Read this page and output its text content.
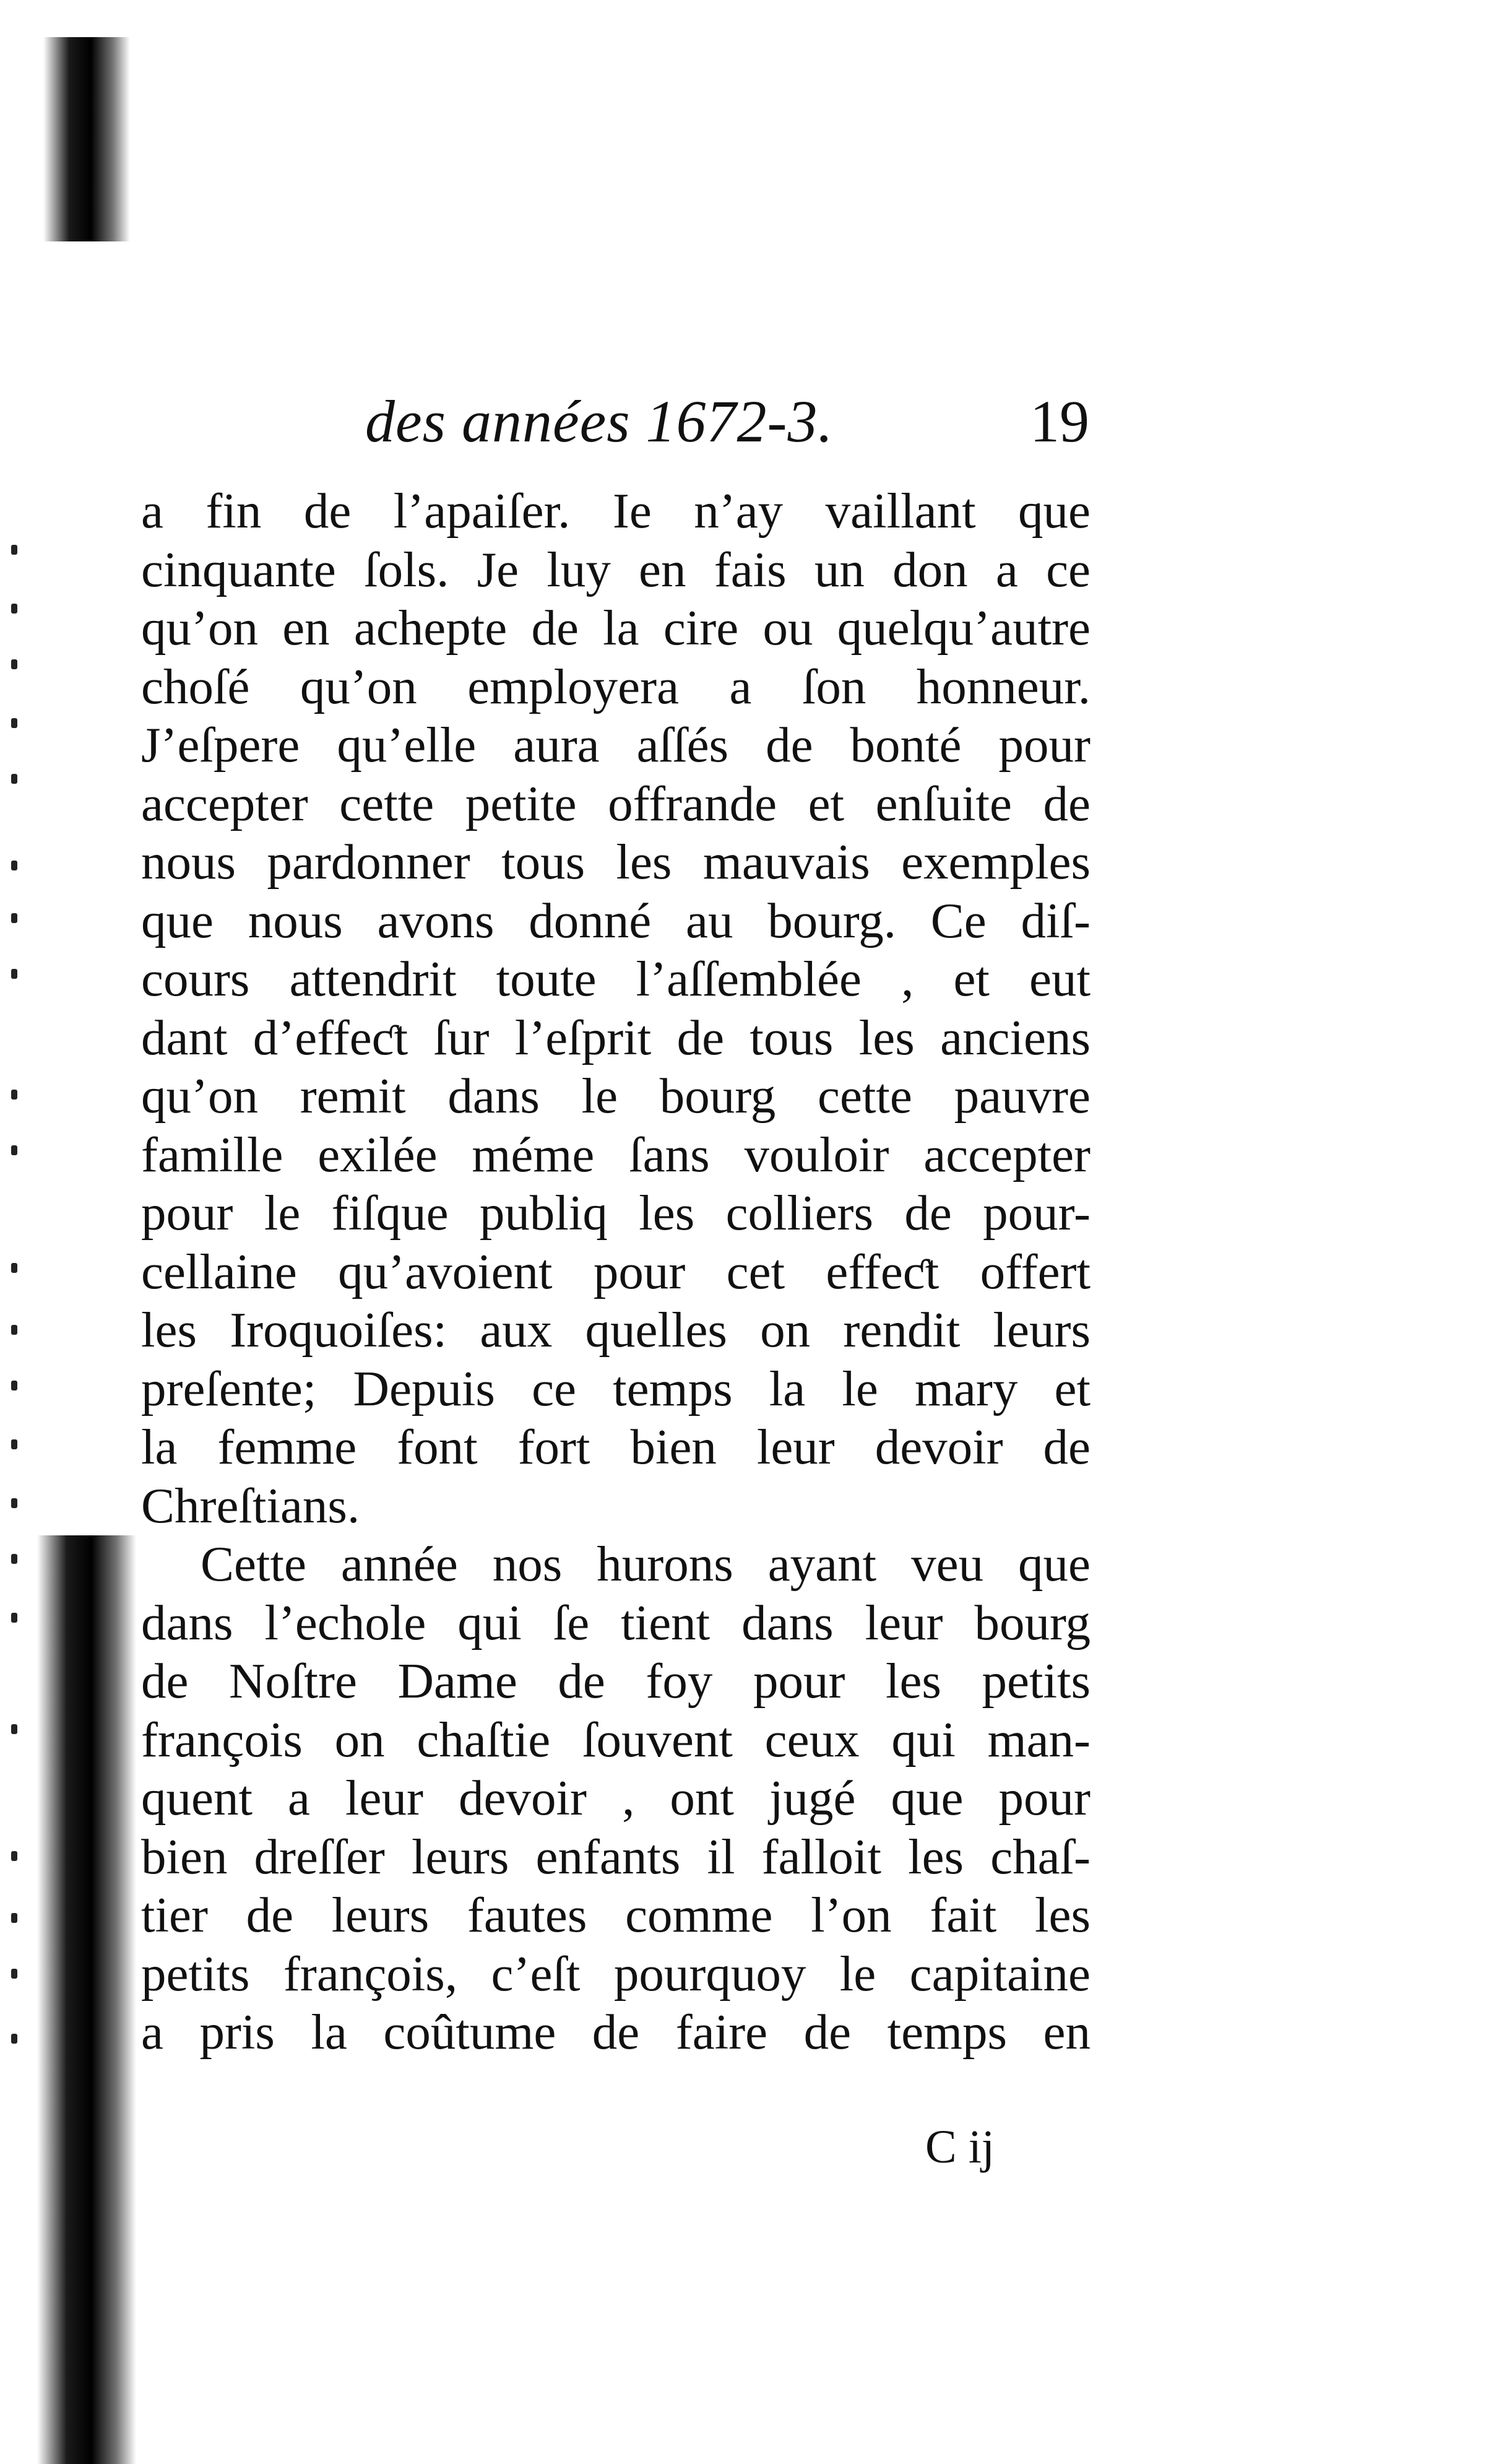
des années 1672-3.	19
a fin de l’apaiſer. Ie n’ay vaillant que
cinquante ſols. Je luy en fais un don a ce
qu’on en achepte de la cire ou quelqu’autre
choſé qu’on employera a ſon honneur.
J’eſpere qu’elle aura aſſés de bonté pour
accepter cette petite offrande et enſuite de
nous pardonner tous les mauvais exemples
que nous avons donné au bourg. Ce diſ-
cours attendrit toute l’aſſemblée , et eut
dant d’effeƈt ſur l’eſprit de tous les anciens
qu’on remit dans le bourg cette pauvre
famille exilée méme ſans vouloir accepter
pour le fiſque publiq les colliers de pour-
cellaine qu’avoient pour cet effeƈt offert
les Iroquoiſes: aux quelles on rendit leurs
preſente; Depuis ce temps la le mary et
la femme font fort bien leur devoir de
Chreſtians.
Cette année nos hurons ayant veu que
dans l’echole qui ſe tient dans leur bourg
de Noſtre Dame de foy pour les petits
françois on chaſtie ſouvent ceux qui man-
quent a leur devoir , ont jugé que pour
bien dreſſer leurs enfants il falloit les chaſ-
tier de leurs fautes comme l’on fait les
petits françois, c’eſt pourquoy le capitaine
a pris la coûtume de faire de temps en
C ij
